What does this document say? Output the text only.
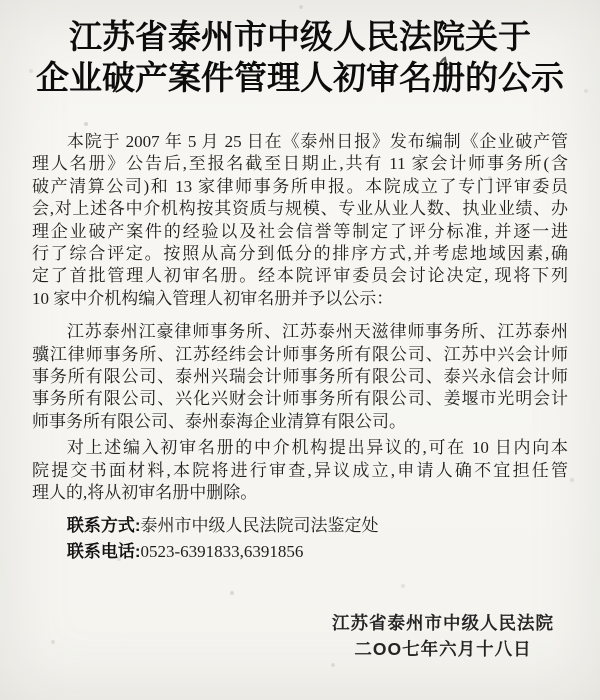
江苏省泰州市中级人民法院关于
企业破产案件管理人初审名册的公示
本院于 2007 年 5 月 25 日在《泰州日报》发布编制《企业破产管
理人名册》公告后,至报名截至日期止,共有 11 家会计师事务所(含
破产清算公司)和 13 家律师事务所申报。本院成立了专门评审委员
会,对上述各中介机构按其资质与规模、专业从业人数、执业业绩、办
理企业破产案件的经验以及社会信誉等制定了评分标准, 并逐一进
行了综合评定。按照从高分到低分的排序方式,并考虑地域因素,确
定了首批管理人初审名册。经本院评审委员会讨论决定, 现将下列
10 家中介机构编入管理人初审名册并予以公示：
江苏泰州江豪律师事务所、江苏泰州天滋律师事务所、江苏泰州
骥江律师事务所、江苏经纬会计师事务所有限公司、江苏中兴会计师
事务所有限公司、泰州兴瑞会计师事务所有限公司、泰兴永信会计师
事务所有限公司、兴化兴财会计师事务所有限公司、姜堰市光明会计
师事务所有限公司、泰州泰海企业清算有限公司。
对上述编入初审名册的中介机构提出异议的,可在 10 日内向本
院提交书面材料,本院将进行审查,异议成立,申请人确不宜担任管
理人的,将从初审名册中删除。
联系方式:泰州市中级人民法院司法鉴定处
联系电话:0523-6391833,6391856
江苏省泰州市中级人民法院
二OO七年六月十八日
